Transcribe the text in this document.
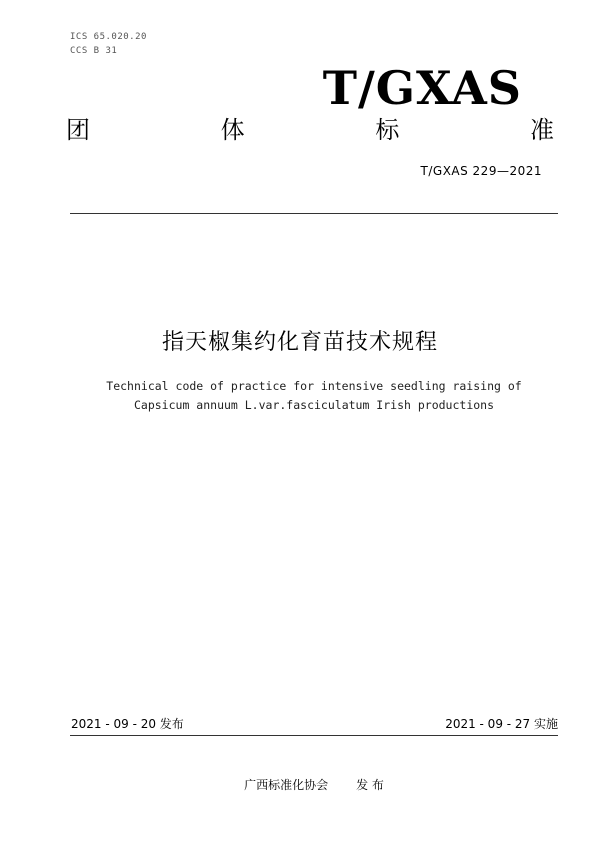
ICS 65.020.20
CCS B 31
T/GXAS
团	体	标	准
T/GXAS 229—2021
指天椒集约化育苗技术规程
Technical code of practice for intensive seedling raising of
Capsicum annuum L.var.fasciculatum Irish productions
2021 - 09 - 20 发布	2021 - 09 - 27 实施
广西标准化协会 发 布
